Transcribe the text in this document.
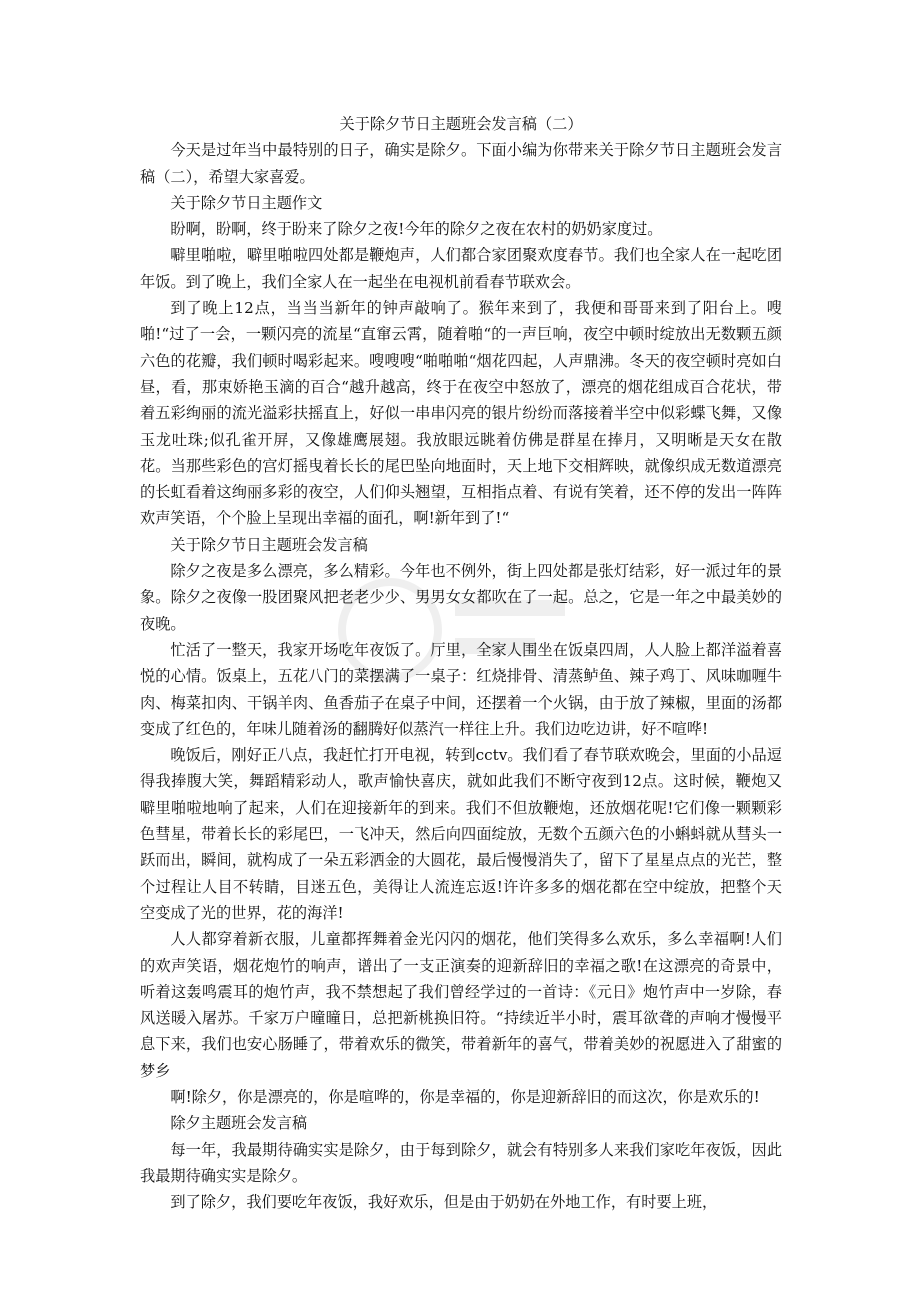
关于除夕节日主题班会发言稿（二）

今天是过年当中最特别的日子，确实是除夕。下面小编为你带来关于除夕节日主题班会发言稿（二），希望大家喜爱。

关于除夕节日主题作文

盼啊，盼啊，终于盼来了除夕之夜!今年的除夕之夜在农村的奶奶家度过。

噼里啪啦，噼里啪啦四处都是鞭炮声，人们都合家团聚欢度春节。我们也全家人在一起吃团年饭。到了晚上，我们全家人在一起坐在电视机前看春节联欢会。

到了晚上12点，当当当新年的钟声敲响了。猴年来到了，我便和哥哥来到了阳台上。嗖啪!“过了一会，一颗闪亮的流星“直窜云霄，随着啪“的一声巨响，夜空中顿时绽放出无数颗五颜六色的花瓣，我们顿时喝彩起来。嗖嗖嗖“啪啪啪“烟花四起，人声鼎沸。冬天的夜空顿时亮如白昼，看，那束娇艳玉滴的百合“越升越高，终于在夜空中怒放了，漂亮的烟花组成百合花状，带着五彩绚丽的流光溢彩扶摇直上，好似一串串闪亮的银片纷纷而落接着半空中似彩蝶飞舞，又像玉龙吐珠;似孔雀开屏，又像雄鹰展翅。我放眼远眺着仿佛是群星在捧月，又明晰是天女在散花。当那些彩色的宫灯摇曳着长长的尾巴坠向地面时，天上地下交相辉映，就像织成无数道漂亮的长虹看着这绚丽多彩的夜空，人们仰头翘望，互相指点着、有说有笑着，还不停的发出一阵阵欢声笑语，个个脸上呈现出幸福的面孔，啊!新年到了!“

关于除夕节日主题班会发言稿

除夕之夜是多么漂亮，多么精彩。今年也不例外，街上四处都是张灯结彩，好一派过年的景象。除夕之夜像一股团聚风把老老少少、男男女女都吹在了一起。总之，它是一年之中最美妙的夜晚。

忙活了一整天，我家开场吃年夜饭了。厅里，全家人围坐在饭桌四周，人人脸上都洋溢着喜悦的心情。饭桌上，五花八门的菜摆满了一桌子：红烧排骨、清蒸鲈鱼、辣子鸡丁、风味咖喱牛肉、梅菜扣肉、干锅羊肉、鱼香茄子在桌子中间，还摆着一个火锅，由于放了辣椒，里面的汤都变成了红色的，年味儿随着汤的翻腾好似蒸汽一样往上升。我们边吃边讲，好不喧哗!

晚饭后，刚好正八点，我赶忙打开电视，转到cctv。我们看了春节联欢晚会，里面的小品逗得我捧腹大笑，舞蹈精彩动人，歌声愉快喜庆，就如此我们不断守夜到12点。这时候，鞭炮又 噼里啪啦地响了起来，人们在迎接新年的到来。我们不但放鞭炮，还放烟花呢!它们像一颗颗彩色彗星，带着长长的彩尾巴，一飞冲天，然后向四面绽放，无数个五颜六色的小蝌蚪就从彗头一跃而出，瞬间，就构成了一朵五彩洒金的大圆花，最后慢慢消失了，留下了星星点点的光芒，整个过程让人目不转睛，目迷五色，美得让人流连忘返!许许多多的烟花都在空中绽放，把整个天空变成了光的世界，花的海洋!

人人都穿着新衣服，儿童都挥舞着金光闪闪的烟花，他们笑得多么欢乐，多么幸福啊!人们的欢声笑语，烟花炮竹的响声，谱出了一支正演奏的迎新辞旧的幸福之歌!在这漂亮的奇景中，听着这轰鸣震耳的炮竹声，我不禁想起了我们曾经学过的一首诗：《元日》炮竹声中一岁除，春风送暖入屠苏。千家万户曈曈日，总把新桃换旧符。“持续近半小时，震耳欲聋的声响才慢慢平息下来，我们也安心肠睡了，带着欢乐的微笑，带着新年的喜气，带着美妙的祝愿进入了甜蜜的梦乡

啊!除夕，你是漂亮的，你是喧哗的，你是幸福的，你是迎新辞旧的而这次，你是欢乐的!

除夕主题班会发言稿

每一年，我最期待确实实是除夕，由于每到除夕，就会有特别多人来我们家吃年夜饭，因此我最期待确实实是除夕。

到了除夕，我们要吃年夜饭，我好欢乐，但是由于奶奶在外地工作，有时要上班，
